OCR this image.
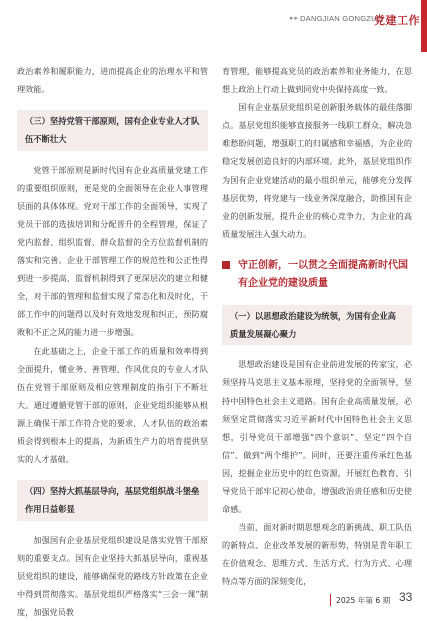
▸▸ DANGJIAN GONGZUO
党建工作

政治素养和履职能力，进而提高企业的治理水平和管理效能。

（三）坚持党管干部原则，国有企业专业人才队伍不断壮大

党管干部原则是新时代国有企业高质量党建工作的重要组织原则，更是党的全面领导在企业人事管理层面的具体体现。党对干部工作的全面领导，实现了党员干部的选拔培训和分配晋升的全程管理，保证了党内监督、组织监督、群众监督的全方位监督机制的落实和完善。企业干部管理工作的规范性和公正性得到进一步提高，监督机制得到了更深层次的建立和健全，对干部的管理和监督实现了常态化和及时化，干部工作中的问题得以及时有效地发现和纠正，预防腐败和不正之风的能力进一步增强。

在此基础之上，企业干部工作的质量和效率得到全面提升，懂业务、善管理、作风优良的专业人才队伍在党管干部原则及相应管理制度的指引下不断壮大。通过遵循党管干部的原则，企业党组织能够从根源上确保干部工作符合党的要求，人才队伍的政治素质会得到根本上的提高，为新质生产力的培育提供坚实的人才基础。

（四）坚持大抓基层导向，基层党组织战斗堡垒作用日益彰显

加强国有企业基层党组织建设是落实党管干部原则的重要支点。国有企业坚持大抓基层导向，重视基层党组织的建设，能够确保党的路线方针政策在企业中得到贯彻落实。基层党组织严格落实“三会一课”制度，加强党员教

育管理，能够提高党员的政治素养和业务能力，在思想上政治上行动上做到同党中央保持高度一致。

国有企业基层党组织是创新服务载体的最佳落脚点。基层党组织能够直接服务一线职工群众，解决急难愁盼问题，增强职工的归属感和幸福感，为企业的稳定发展创造良好的内部环境。此外，基层党组织作为国有企业党建活动的最小组织单元，能够充分发挥基层优势，将党建与一线业务深度融合，助推国有企业的创新发展，提升企业的核心竞争力，为企业的高质量发展注入强大动力。

守正创新，一以贯之全面提高新时代国有企业党的建设质量
（一）以思想政治建设为统领，为国有企业高质量发展凝心聚力

思想政治建设是国有企业前进发展的传家宝，必须坚持马克思主义基本原理，坚持党的全面领导，坚持中国特色社会主义道路。国有企业高质量发展，必须坚定贯彻落实习近平新时代中国特色社会主义思想，引导党员干部增强“四个意识”、坚定“四个自信”、做到“两个维护”。同时，还要注重传承红色基因，挖掘企业历史中的红色资源，开展红色教育，引导党员干部牢记初心使命，增强政治责任感和历史使命感。

当前，面对新时期思想观念的新挑战、职工队伍的新特点、企业改革发展的新形势，特别是青年职工在价值观念、思维方式、生活方式、行为方式、心理特点等方面的深刻变化，

2025 年第 6 期 33
